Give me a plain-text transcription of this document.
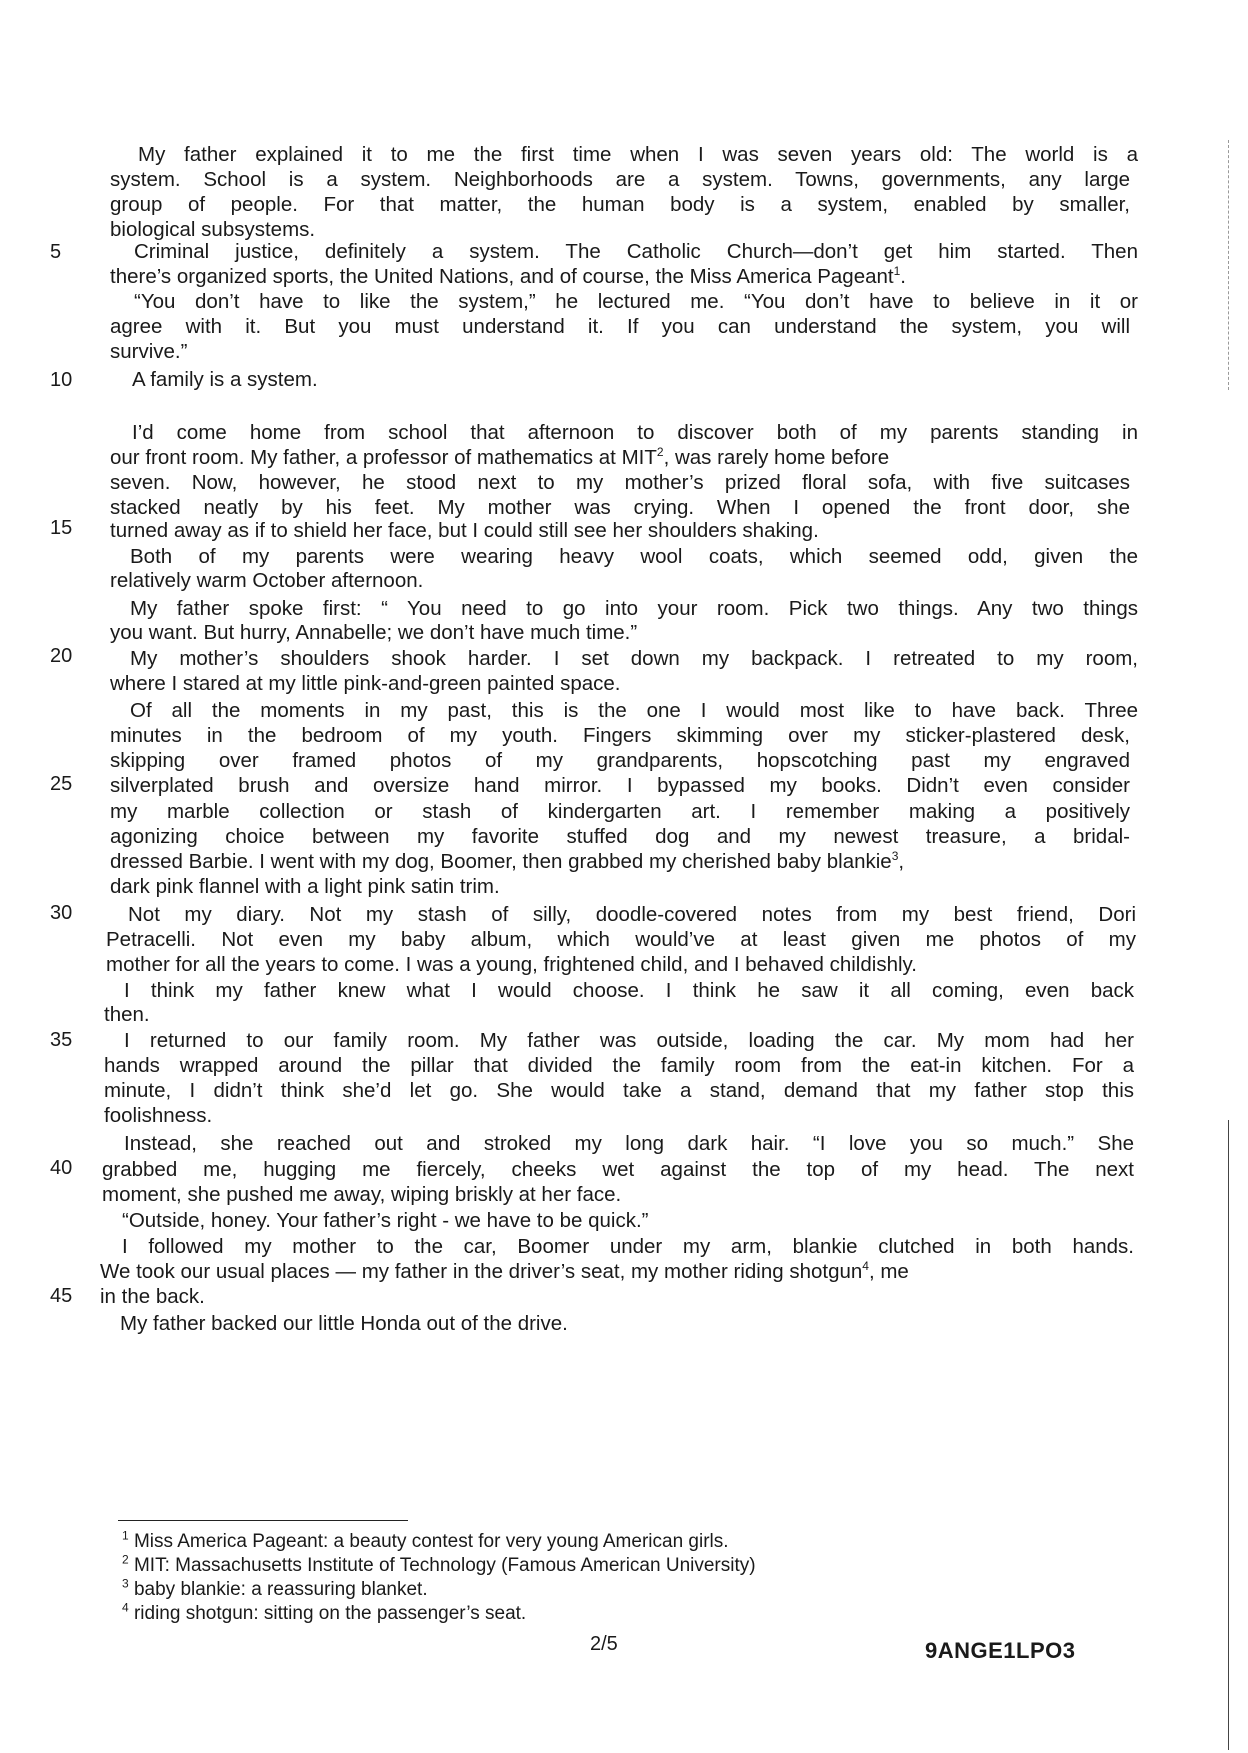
5
10
15
20
25
30
35
40
45
My father explained it to me the first time when I was seven years old: The world is a
system. School is a system. Neighborhoods are a system. Towns, governments, any large
group of people. For that matter, the human body is a system, enabled by smaller,
biological subsystems.
Criminal justice, definitely a system. The Catholic Church—don’t get him started. Then
there’s organized sports, the United Nations, and of course, the Miss America Pageant$^1$.
“You don’t have to like the system,” he lectured me. “You don’t have to believe in it or
agree with it. But you must understand it. If you can understand the system, you will
survive.”
A family is a system.
I’d come home from school that afternoon to discover both of my parents standing in
our front room. My father, a professor of mathematics at MIT$^2$, was rarely home before
seven. Now, however, he stood next to my mother’s prized floral sofa, with five suitcases
stacked neatly by his feet. My mother was crying. When I opened the front door, she
turned away as if to shield her face, but I could still see her shoulders shaking.
Both of my parents were wearing heavy wool coats, which seemed odd, given the
relatively warm October afternoon.
My father spoke first: “ You need to go into your room. Pick two things. Any two things
you want. But hurry, Annabelle; we don’t have much time.”
My mother’s shoulders shook harder. I set down my backpack. I retreated to my room,
where I stared at my little pink-and-green painted space.
Of all the moments in my past, this is the one I would most like to have back. Three
minutes in the bedroom of my youth. Fingers skimming over my sticker-plastered desk,
skipping over framed photos of my grandparents, hopscotching past my engraved
silverplated brush and oversize hand mirror. I bypassed my books. Didn’t even consider
my marble collection or stash of kindergarten art. I remember making a positively
agonizing choice between my favorite stuffed dog and my newest treasure, a bridal-
dressed Barbie. I went with my dog, Boomer, then grabbed my cherished baby blankie$^3$,
dark pink flannel with a light pink satin trim.
Not my diary. Not my stash of silly, doodle-covered notes from my best friend, Dori
Petracelli. Not even my baby album, which would’ve at least given me photos of my
mother for all the years to come. I was a young, frightened child, and I behaved childishly.
I think my father knew what I would choose. I think he saw it all coming, even back
then.
I returned to our family room. My father was outside, loading the car. My mom had her
hands wrapped around the pillar that divided the family room from the eat-in kitchen. For a
minute, I didn’t think she’d let go. She would take a stand, demand that my father stop this
foolishness.
Instead, she reached out and stroked my long dark hair. “I love you so much.” She
grabbed me, hugging me fiercely, cheeks wet against the top of my head. The next
moment, she pushed me away, wiping briskly at her face.
“Outside, honey. Your father’s right - we have to be quick.”
I followed my mother to the car, Boomer under my arm, blankie clutched in both hands.
We took our usual places — my father in the driver’s seat, my mother riding shotgun$^4$, me
in the back.
My father backed our little Honda out of the drive.
$^1$ Miss America Pageant: a beauty contest for very young American girls.
$^2$ MIT: Massachusetts Institute of Technology (Famous American University)
$^3$ baby blankie: a reassuring blanket.
$^4$ riding shotgun: sitting on the passenger’s seat.
2/5	9ANGE1LPO3
